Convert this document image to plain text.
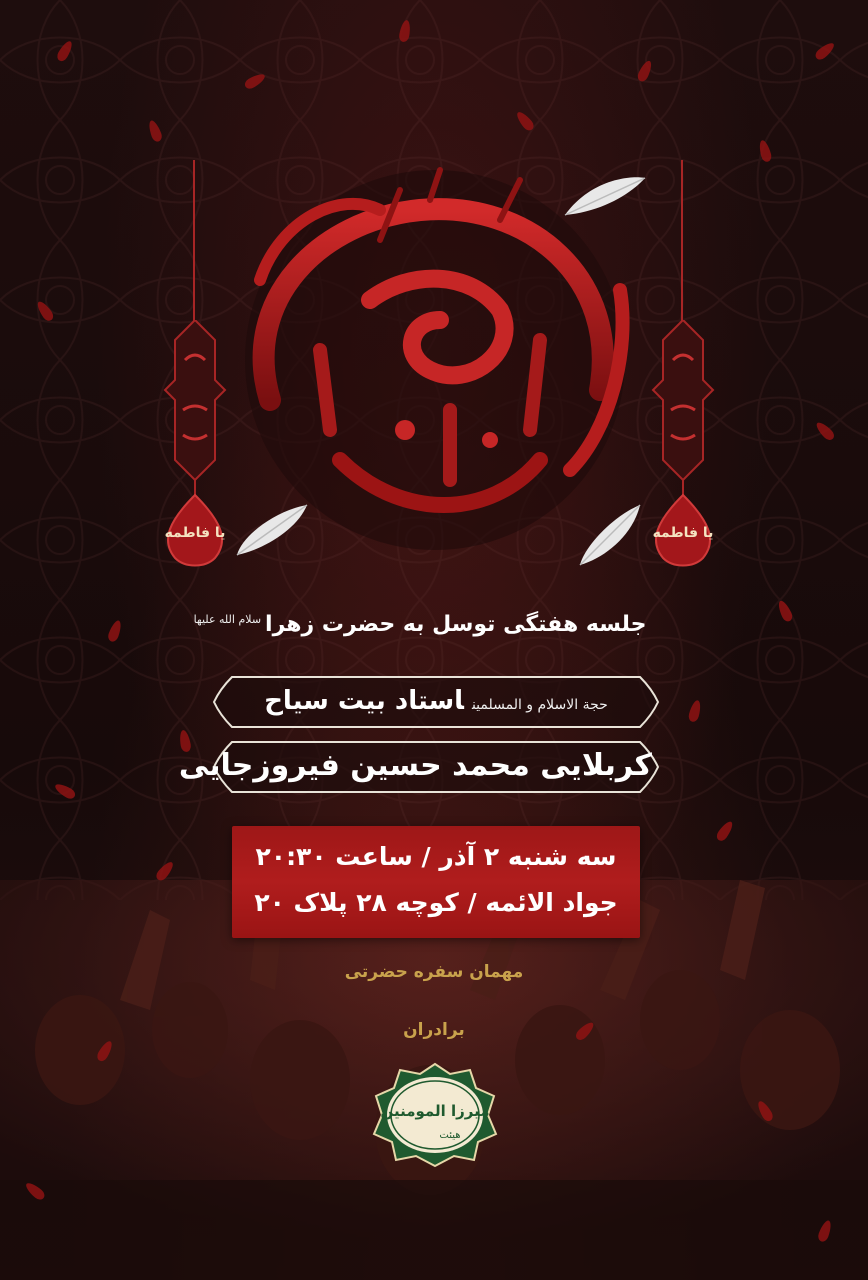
یا فاطمه	یا فاطمه
جلسه هفتگی توسل به حضرت زهرا$^{سلام الله علیها}$
حجة الاسلام و المسلمیناستاد بیت سیاح
کربلایی محمد حسین فیروزجایی
سه شنبه ۲ آذر / ساعت ۲۰:۳۰
جواد الائمه / کوچه ۲۸ پلاک ۲۰
مهمان سفره حضرتی
برادران
میرزا المومنین
هیئت
